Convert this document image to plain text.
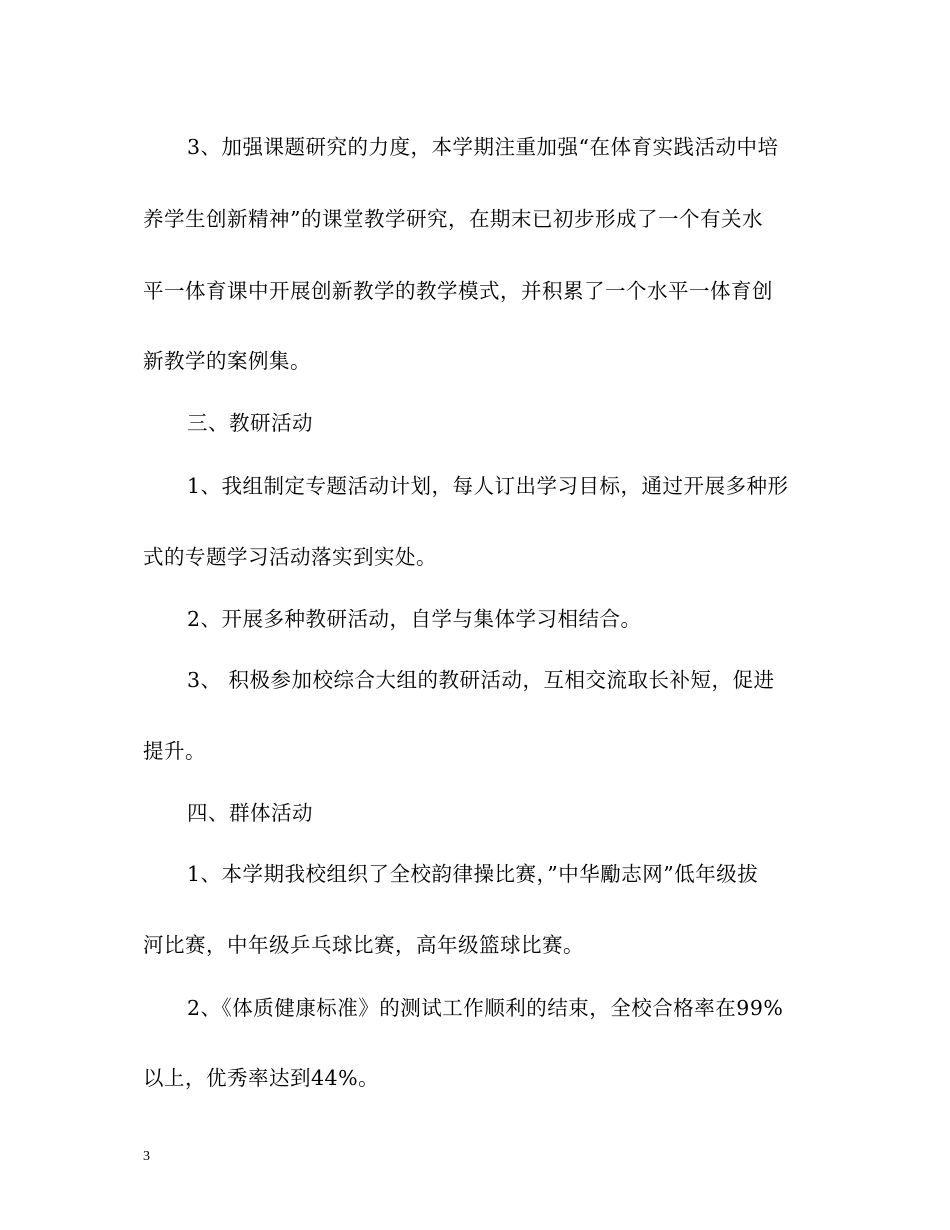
3、加强课题研究的力度，本学期注重加强“在体育实践活动中培

养学生创新精神”的课堂教学研究，在期末已初步形成了一个有关水

平一体育课中开展创新教学的教学模式，并积累了一个水平一体育创

新教学的案例集。

三、教研活动

1、我组制定专题活动计划，每人订出学习目标，通过开展多种形

式的专题学习活动落实到实处。

2、开展多种教研活动，自学与集体学习相结合。

3、 积极参加校综合大组的教研活动，互相交流取长补短，促进

提升。

四、群体活动

1、本学期我校组织了全校韵律操比赛，”中华勵志网”低年级拔

河比赛，中年级乒乓球比赛，高年级篮球比赛。

2、《体质健康标准》的测试工作顺利的结束，全校合格率在99%

以上，优秀率达到44%。

3
